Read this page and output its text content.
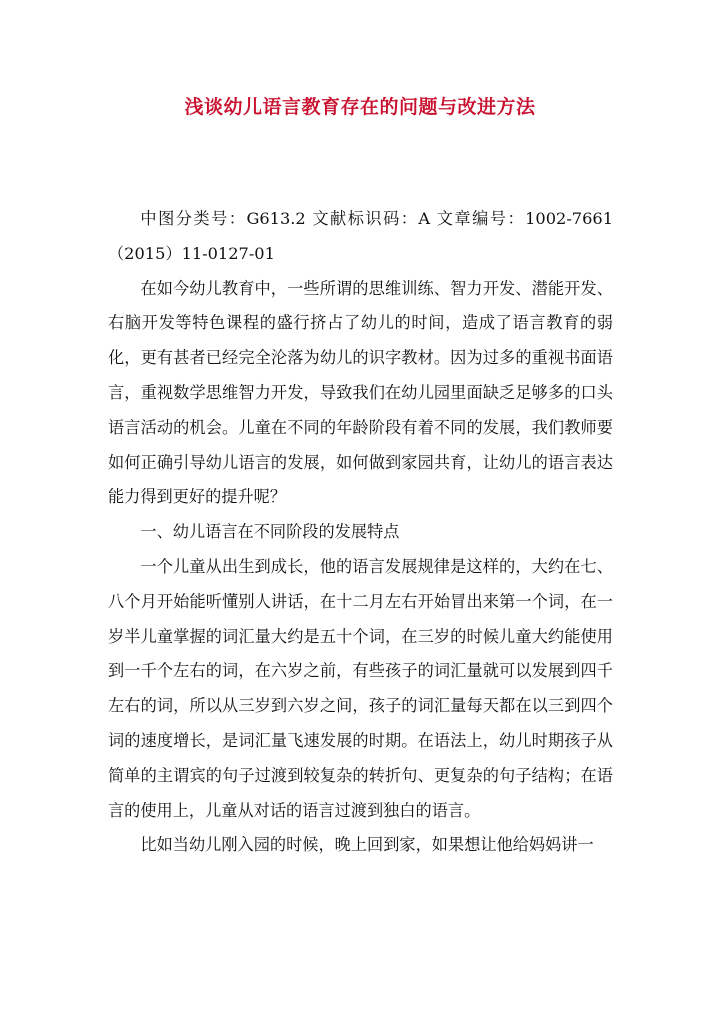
浅谈幼儿语言教育存在的问题与改进方法

中图分类号：G613.2 文献标识码：A 文章编号：1002-7661（2015）11-0127-01

在如今幼儿教育中，一些所谓的思维训练、智力开发、潜能开发、右脑开发等特色课程的盛行挤占了幼儿的时间，造成了语言教育的弱化，更有甚者已经完全沦落为幼儿的识字教材。因为过多的重视书面语言，重视数学思维智力开发，导致我们在幼儿园里面缺乏足够多的口头语言活动的机会。儿童在不同的年龄阶段有着不同的发展，我们教师要如何正确引导幼儿语言的发展，如何做到家园共育，让幼儿的语言表达能力得到更好的提升呢？

一、幼儿语言在不同阶段的发展特点

一个儿童从出生到成长，他的语言发展规律是这样的，大约在七、八个月开始能听懂别人讲话，在十二月左右开始冒出来第一个词，在一岁半儿童掌握的词汇量大约是五十个词，在三岁的时候儿童大约能使用到一千个左右的词，在六岁之前，有些孩子的词汇量就可以发展到四千左右的词，所以从三岁到六岁之间，孩子的词汇量每天都在以三到四个词的速度增长，是词汇量飞速发展的时期。在语法上，幼儿时期孩子从简单的主谓宾的句子过渡到较复杂的转折句、更复杂的句子结构；在语言的使用上，儿童从对话的语言过渡到独白的语言。

比如当幼儿刚入园的时候，晚上回到家，如果想让他给妈妈讲一
